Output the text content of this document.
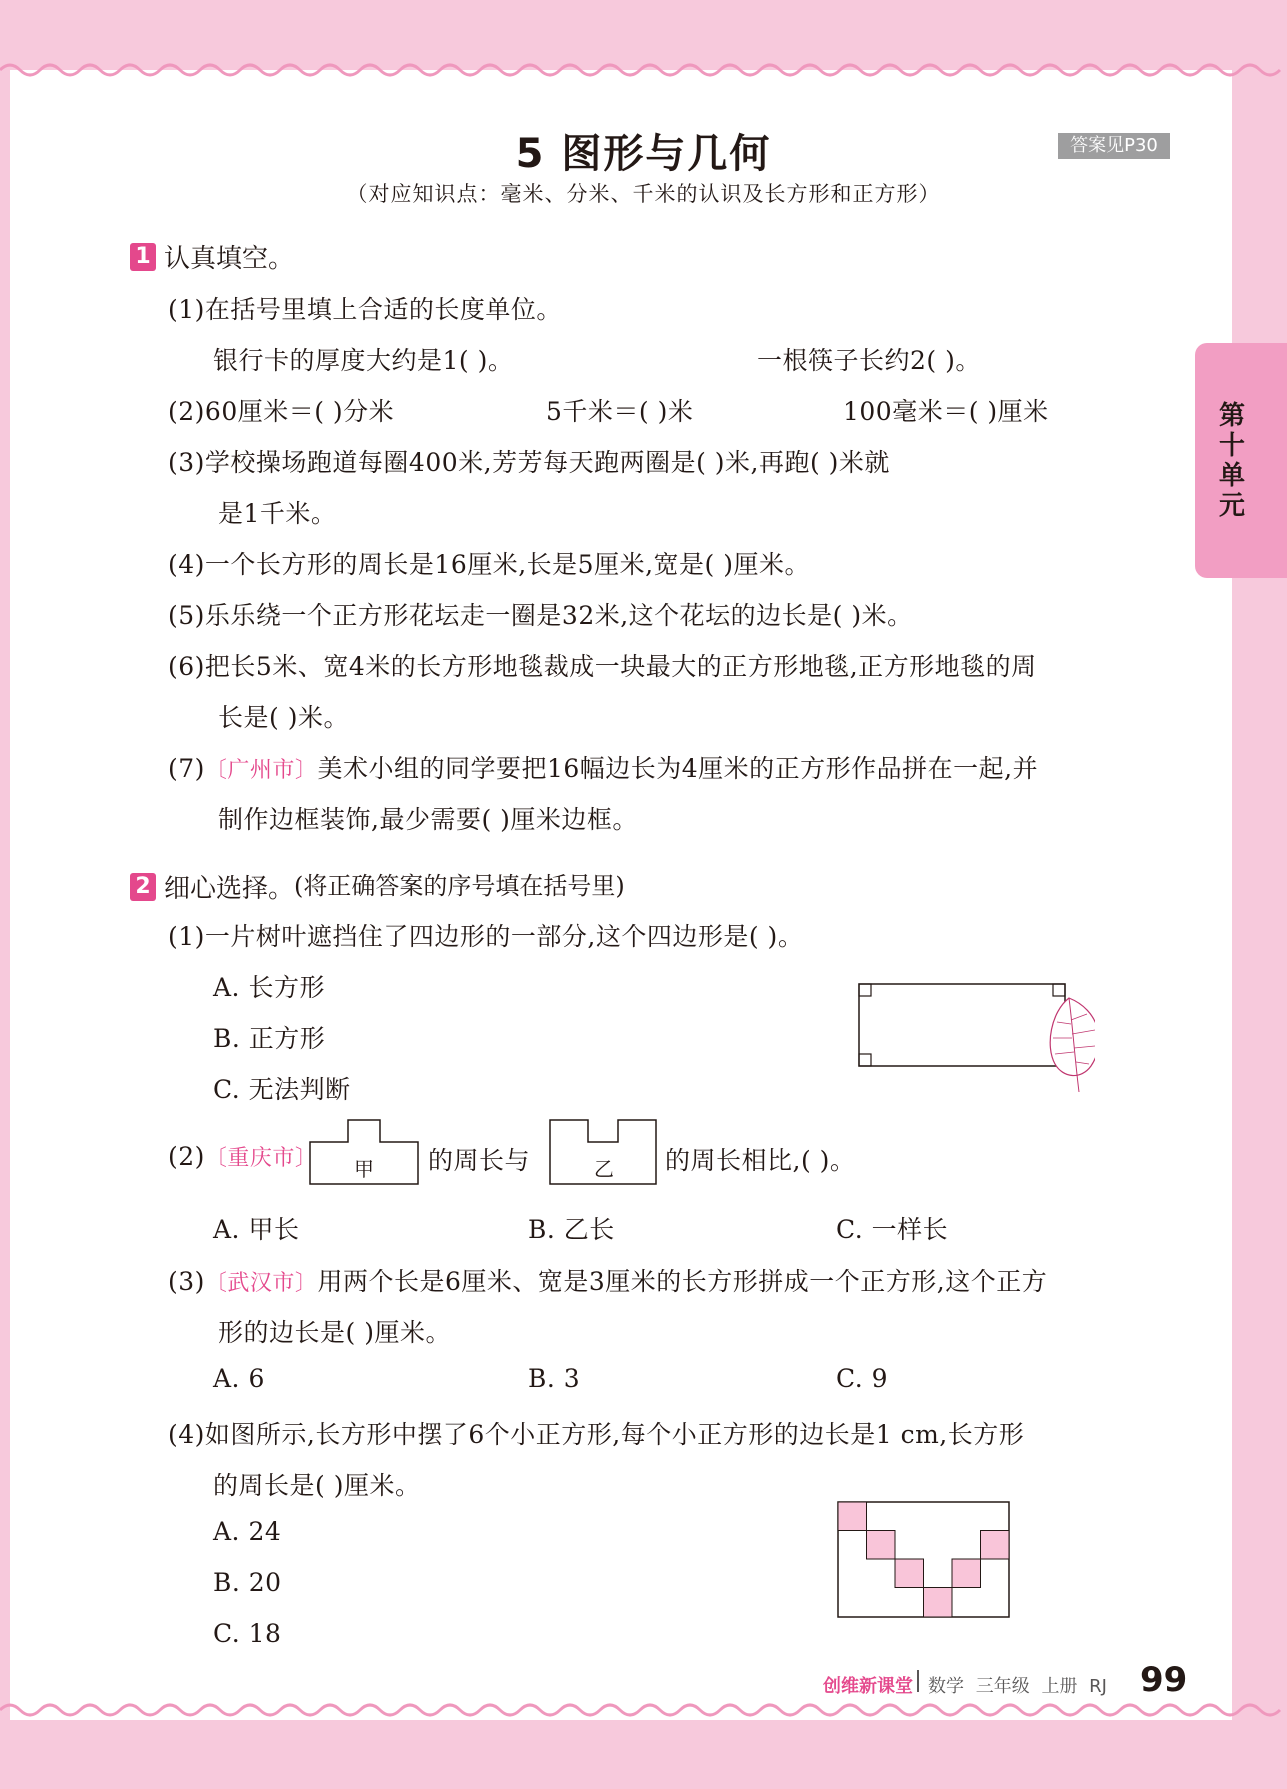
5 图形与几何	答案见P30
（对应知识点：毫米、分米、千米的认识及长方形和正方形）
第十单元
1 认真填空。
(1)在括号里填上合适的长度单位。
银行卡的厚度大约是1( )。	一根筷子长约2( )。
(2)60厘米＝( )分米	5千米＝( )米	100毫米＝( )厘米
(3)学校操场跑道每圈400米,芳芳每天跑两圈是( )米,再跑( )米就
是1千米。
(4)一个长方形的周长是16厘米,长是5厘米,宽是( )厘米。
(5)乐乐绕一个正方形花坛走一圈是32米,这个花坛的边长是( )米。
(6)把长5米、宽4米的长方形地毯裁成一块最大的正方形地毯,正方形地毯的周
长是( )米。
(7)〔广州市〕美术小组的同学要把16幅边长为4厘米的正方形作品拼在一起,并
制作边框装饰,最少需要( )厘米边框。
2 细心选择。(将正确答案的序号填在括号里)
(1)一片树叶遮挡住了四边形的一部分,这个四边形是( )。
A. 长方形
B. 正方形
C. 无法判断
(2)〔重庆市〕 甲 的周长与	乙 的周长相比,( )。
A. 甲长	B. 乙长	C. 一样长
(3)〔武汉市〕用两个长是6厘米、宽是3厘米的长方形拼成一个正方形,这个正方
形的边长是( )厘米。
A. 6	B. 3	C. 9
(4)如图所示,长方形中摆了6个小正方形,每个小正方形的边长是1 cm,长方形
的周长是( )厘米。
A. 24
B. 20
C. 18
创维新课堂 数学 三年级 上册 RJ 99
